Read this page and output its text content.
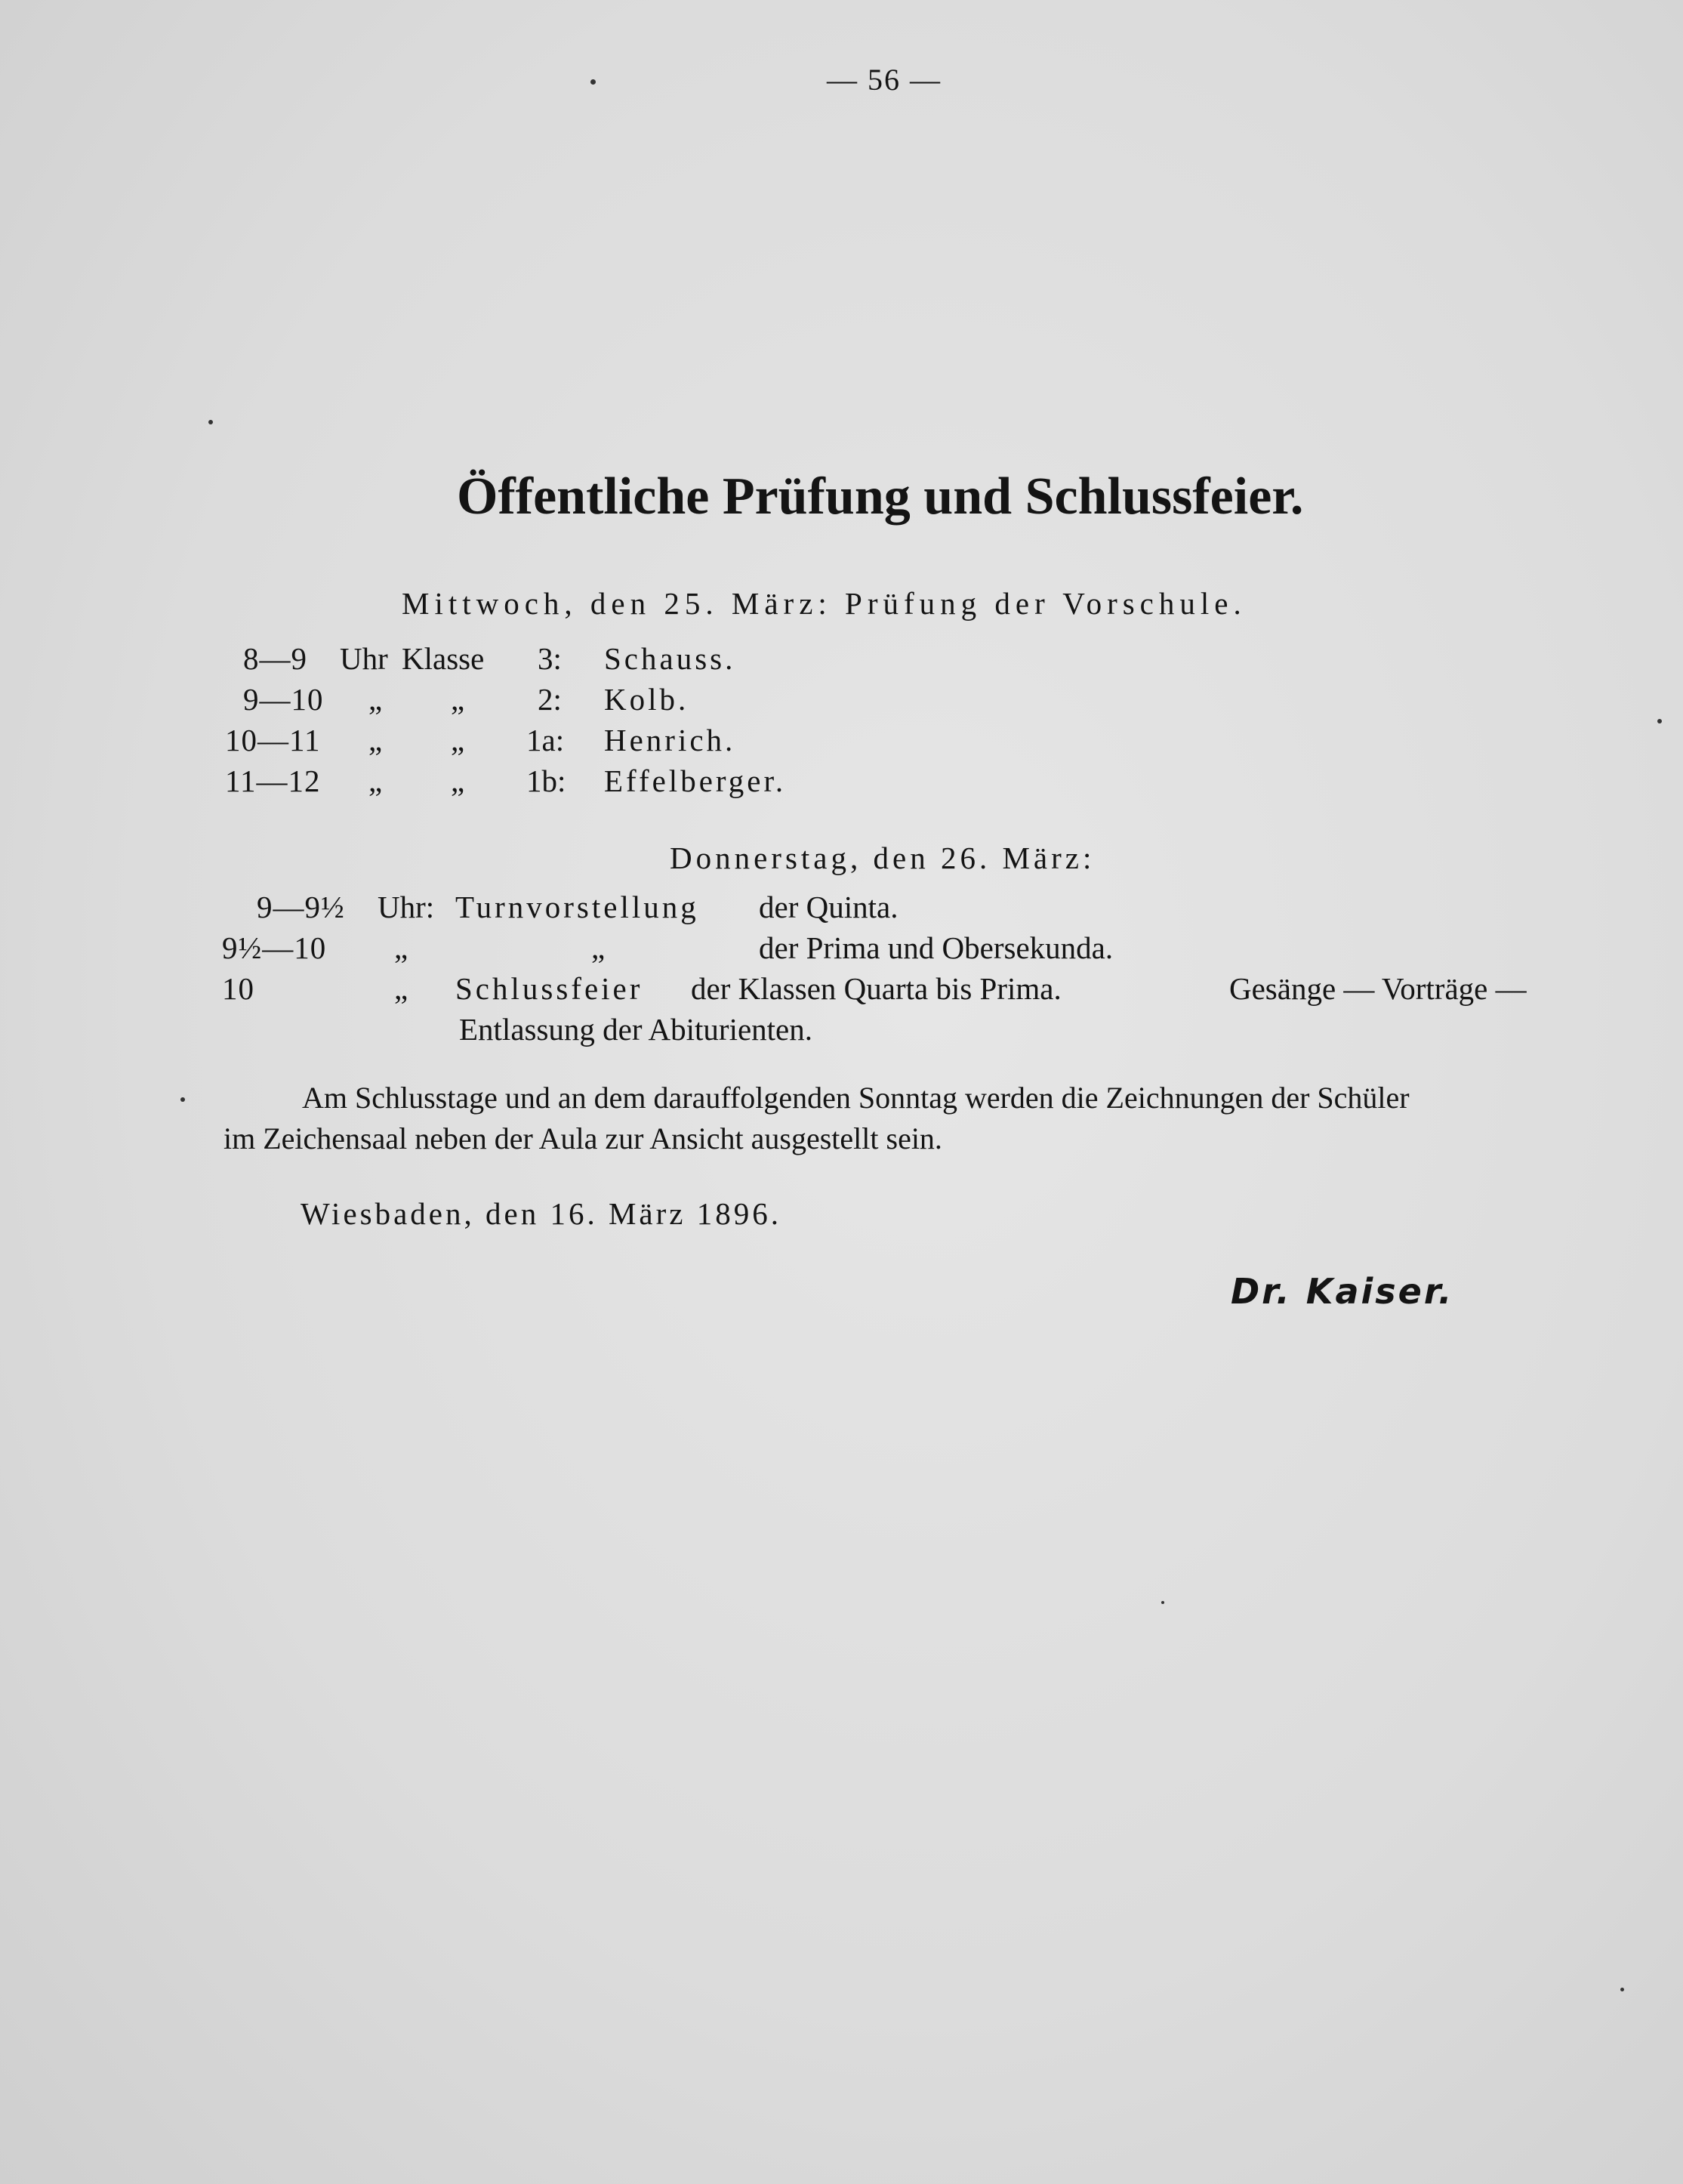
— 56 —
Öffentliche Prüfung und Schlussfeier.
Mittwoch, den 25. März: Prüfung der Vorschule.
8—9 Uhr Klasse 3: Schauss.
9—10 „ „ 2: Kolb.
10—11 „ „ 1a: Henrich.
11—12 „ „ 1b: Effelberger.
Donnerstag, den 26. März:
9—9½ Uhr: Turnvorstellung der Quinta.
9½—10 „	„	der Prima und Obersekunda.
10	„ Schlussfeier der Klassen Quarta bis Prima.	Gesänge — Vorträge —
Entlassung der Abiturienten.
Am Schlusstage und an dem darauffolgenden Sonntag werden die Zeichnungen der Schüler
im Zeichensaal neben der Aula zur Ansicht ausgestellt sein.
Wiesbaden, den 16. März 1896.
Dr. Kaiser.
